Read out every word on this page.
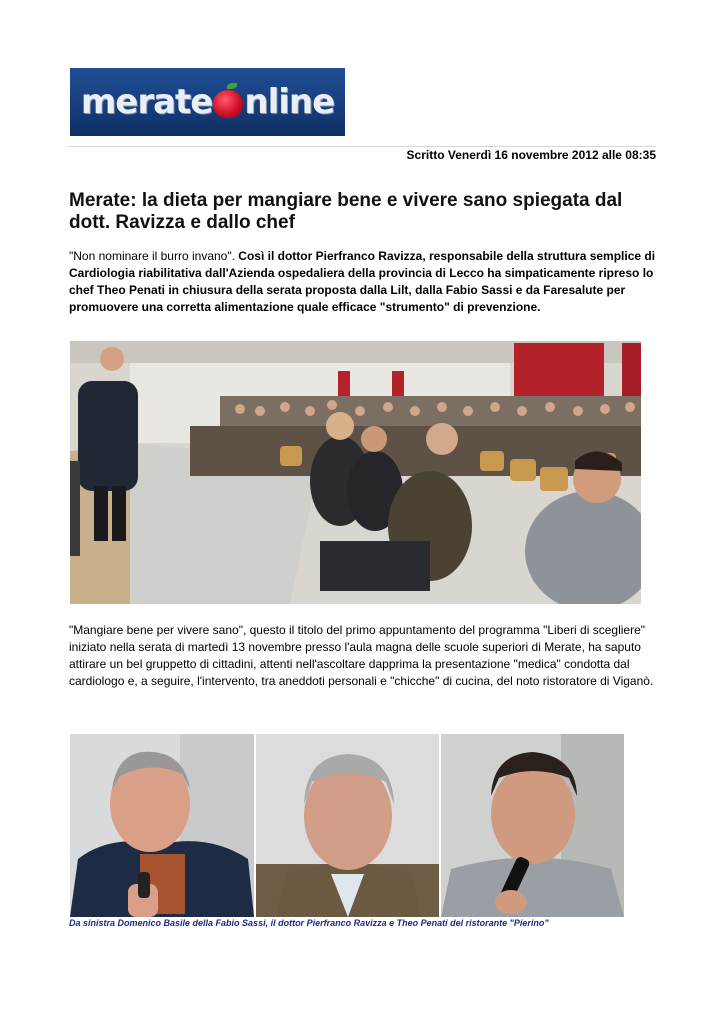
merate nline
Scritto Venerdì 16 novembre 2012 alle 08:35
Merate: la dieta per mangiare bene e vivere sano spiegata dal dott. Ravizza e dallo chef
"Non nominare il burro invano". Così il dottor Pierfranco Ravizza, responsabile della struttura semplice di Cardiologia riabilitativa dall'Azienda ospedaliera della provincia di Lecco ha simpaticamente ripreso lo chef Theo Penati in chiusura della serata proposta dalla Lilt, dalla Fabio Sassi e da Faresalute per promuovere una corretta alimentazione quale efficace "strumento" di prevenzione.
"Mangiare bene per vivere sano", questo il titolo del primo appuntamento del programma "Liberi di scegliere" iniziato nella serata di martedì 13 novembre presso l'aula magna delle scuole superiori di Merate, ha saputo attirare un bel gruppetto di cittadini, attenti nell'ascoltare dapprima la presentazione "medica" condotta dal cardiologo e, a seguire, l'intervento, tra aneddoti personali e "chicche" di cucina, del noto ristoratore di Viganò.
Da sinistra Domenico Basile della Fabio Sassi, il dottor Pierfranco Ravizza e Theo Penati del ristorante "Pierino"
